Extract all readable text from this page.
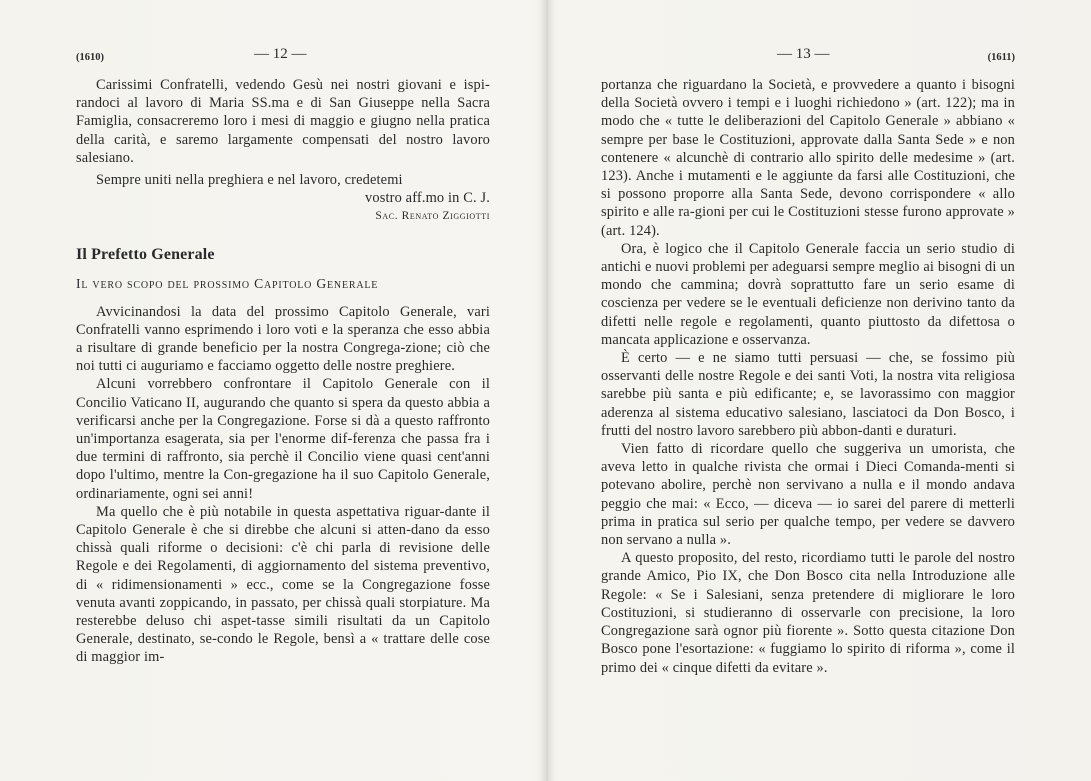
(1610)	— 12 —

Carissimi Confratelli, vedendo Gesù nei nostri giovani e ispi-randoci al lavoro di Maria SS.ma e di San Giuseppe nella Sacra Famiglia, consacreremo loro i mesi di maggio e giugno nella pratica della carità, e saremo largamente compensati del nostro lavoro salesiano.

Sempre uniti nella preghiera e nel lavoro, credetemi

vostro aff.mo in C. J.

Sac. Renato Ziggiotti

Il Prefetto Generale
Il vero scopo del prossimo Capitolo Generale

Avvicinandosi la data del prossimo Capitolo Generale, vari Confratelli vanno esprimendo i loro voti e la speranza che esso abbia a risultare di grande beneficio per la nostra Congrega-zione; ciò che noi tutti ci auguriamo e facciamo oggetto delle nostre preghiere.

Alcuni vorrebbero confrontare il Capitolo Generale con il Concilio Vaticano II, augurando che quanto si spera da questo abbia a verificarsi anche per la Congregazione. Forse si dà a questo raffronto un'importanza esagerata, sia per l'enorme dif-ferenza che passa fra i due termini di raffronto, sia perchè il Concilio viene quasi cent'anni dopo l'ultimo, mentre la Con-gregazione ha il suo Capitolo Generale, ordinariamente, ogni sei anni!

Ma quello che è più notabile in questa aspettativa riguar-dante il Capitolo Generale è che si direbbe che alcuni si atten-dano da esso chissà quali riforme o decisioni: c'è chi parla di revisione delle Regole e dei Regolamenti, di aggiornamento del sistema preventivo, di « ridimensionamenti » ecc., come se la Congregazione fosse venuta avanti zoppicando, in passato, per chissà quali storpiature. Ma resterebbe deluso chi aspet-tasse simili risultati da un Capitolo Generale, destinato, se-condo le Regole, bensì a « trattare delle cose di maggior im-

— 13 —	(1611)

portanza che riguardano la Società, e provvedere a quanto i bisogni della Società ovvero i tempi e i luoghi richiedono » (art. 122); ma in modo che « tutte le deliberazioni del Capitolo Generale » abbiano « sempre per base le Costituzioni, approvate dalla Santa Sede » e non contenere « alcunchè di contrario allo spirito delle medesime » (art. 123). Anche i mutamenti e le aggiunte da farsi alle Costituzioni, che si possono proporre alla Santa Sede, devono corrispondere « allo spirito e alle ra-gioni per cui le Costituzioni stesse furono approvate » (art. 124).

Ora, è logico che il Capitolo Generale faccia un serio studio di antichi e nuovi problemi per adeguarsi sempre meglio ai bisogni di un mondo che cammina; dovrà soprattutto fare un serio esame di coscienza per vedere se le eventuali deficienze non derivino tanto da difetti nelle regole e regolamenti, quanto piuttosto da difettosa o mancata applicazione e osservanza.

È certo — e ne siamo tutti persuasi — che, se fossimo più osservanti delle nostre Regole e dei santi Voti, la nostra vita religiosa sarebbe più santa e più edificante; e, se lavorassimo con maggior aderenza al sistema educativo salesiano, lasciatoci da Don Bosco, i frutti del nostro lavoro sarebbero più abbon-danti e duraturi.

Vien fatto di ricordare quello che suggeriva un umorista, che aveva letto in qualche rivista che ormai i Dieci Comanda-menti si potevano abolire, perchè non servivano a nulla e il mondo andava peggio che mai: « Ecco, — diceva — io sarei del parere di metterli prima in pratica sul serio per qualche tempo, per vedere se davvero non servano a nulla ».

A questo proposito, del resto, ricordiamo tutti le parole del nostro grande Amico, Pio IX, che Don Bosco cita nella Introduzione alle Regole: « Se i Salesiani, senza pretendere di migliorare le loro Costituzioni, si studieranno di osservarle con precisione, la loro Congregazione sarà ognor più fiorente ». Sotto questa citazione Don Bosco pone l'esortazione: « fuggiamo lo spirito di riforma », come il primo dei « cinque difetti da evitare ».
